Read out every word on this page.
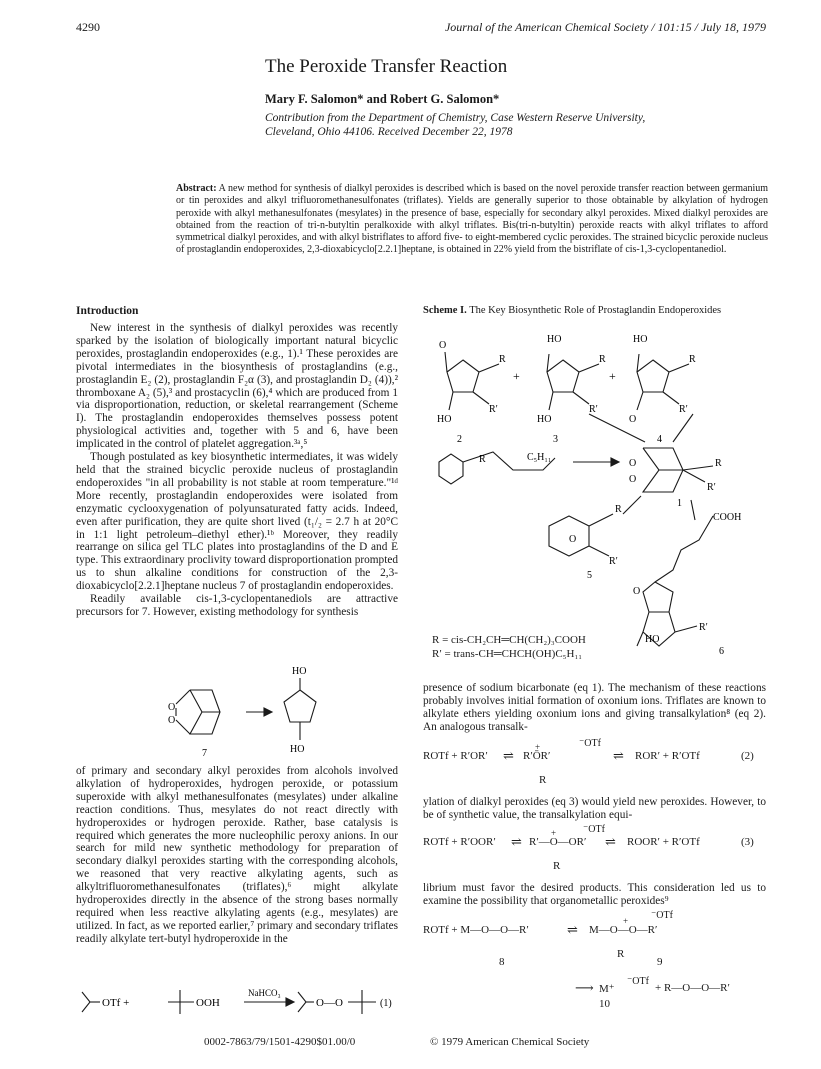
4290	Journal of the American Chemical Society / 101:15 / July 18, 1979
The Peroxide Transfer Reaction
Mary F. Salomon* and Robert G. Salomon*
Contribution from the Department of Chemistry, Case Western Reserve University,
Cleveland, Ohio 44106. Received December 22, 1978
Abstract: A new method for synthesis of dialkyl peroxides is described which is based on the novel peroxide transfer reaction between germanium or tin peroxides and alkyl trifluoromethanesulfonates (triflates). Yields are generally superior to those obtainable by alkylation of hydrogen peroxide with alkyl methanesulfonates (mesylates) in the presence of base, especially for secondary alkyl peroxides. Mixed dialkyl peroxides are obtained from the reaction of tri-n-butyltin peralkoxide with alkyl triflates. Bis(tri-n-butyltin) peroxide reacts with alkyl triflates to afford symmetrical dialkyl peroxides, and with alkyl bistriflates to afford five- to eight-membered cyclic peroxides. The strained bicyclic peroxide nucleus of prostaglandin endoperoxides, 2,3-dioxabicyclo[2.2.1]heptane, is obtained in 22% yield from the bistriflate of cis-1,3-cyclopentanediol.
Introduction

New interest in the synthesis of dialkyl peroxides was recently sparked by the isolation of biologically important natural bicyclic peroxides, prostaglandin endoperoxides (e.g., 1).¹ These peroxides are pivotal intermediates in the biosynthesis of prostaglandins (e.g., prostaglandin E₂ (2), prostaglandin F₂α (3), and prostaglandin D₂ (4)),² thromboxane A₂ (5),³ and prostacyclin (6),⁴ which are produced from 1 via disproportionation, reduction, or skeletal rearrangement (Scheme I). The prostaglandin endoperoxides themselves possess potent physiological activities and, together with 5 and 6, have been implicated in the control of platelet aggregation.³ᵃ,⁵

Though postulated as key biosynthetic intermediates, it was widely held that the strained bicyclic peroxide nucleus of prostaglandin endoperoxides "in all probability is not stable at room temperature."¹ᵈ More recently, prostaglandin endoperoxides were isolated from enzymatic cyclooxygenation of polyunsaturated fatty acids. Indeed, even after purification, they are quite short lived (t₁/₂ = 2.7 h at 20°C in 1:1 light petroleum–diethyl ether).¹ᵇ Moreover, they readily rearrange on silica gel TLC plates into prostaglandins of the D and E type. This extraordinary proclivity toward disproportionation prompted us to shun alkaline conditions for construction of the 2,3-dioxabicyclo[2.2.1]heptane nucleus 7 of prostaglandin endoperoxides.

Readily available cis-1,3-cyclopentanediols are attractive precursors for 7. However, existing methodology for synthesis

O
O
HO
HO
7

of primary and secondary alkyl peroxides from alcohols involved alkylation of hydroperoxides, hydrogen peroxide, or potassium superoxide with alkyl methanesulfonates (mesylates) under alkaline reaction conditions. Thus, mesylates do not react directly with hydroperoxides or hydrogen peroxide. Rather, base catalysis is required which generates the more nucleophilic peroxy anions. In our search for mild new synthetic methodology for preparation of secondary dialkyl peroxides starting with the corresponding alcohols, we reasoned that very reactive alkylating agents, such as alkyltrifluoromethanesulfonates (triflates),⁶ might alkylate hydroperoxides directly in the absence of the strong bases normally required when less reactive alkylating agents (e.g., mesylates) are utilized. In fact, as we reported earlier,⁷ primary and secondary triflates readily alkylate tert-butyl hydroperoxide in the

OTf +	OOH
NaHCO₃
O—O	(1)
Scheme I. The Key Biosynthetic Role of Prostaglandin Endoperoxides
O
R
R′
HO
2
+
HO
R
R′
HO
3
+
HO
R
R′
O
4
R	C₅H₁₁
O
O
R
R′
1
R
O
R′
5
COOH
O
R′
HO
6
R = cis-CH₂CH═CH(CH₂)₃COOH
R′ = trans-CH═CHCH(OH)C₅H₁₁
presence of sodium bicarbonate (eq 1). The mechanism of these reactions probably involves initial formation of oxonium ions. Triflates are known to alkylate ethers yielding oxonium ions and giving transalkylation⁸ (eq 2). An analogous transalk-
⁻OTf
+
ROTf + R′OR′ ⇌ R′ŌR′	⇌ ROR′ + R′OTf	(2)
R
ylation of dialkyl peroxides (eq 3) would yield new peroxides. However, to be of synthetic value, the transalkylation equi-
⁻OTf
+
ROTf + R′OOR′ ⇌ R′—O—OR′ ⇌ ROOR′ + R′OTf	(3)
R
librium must favor the desired products. This consideration led us to examine the possibility that organometallic peroxides⁹
⁻OTf
+
ROTf + M—O—O—R′	⇌ M—O—O—R′
R
8	9
⟶ M⁺
⁻OTf
+ R—O—O—R′
10
0002-7863/79/1501-4290$01.00/0	© 1979 American Chemical Society
